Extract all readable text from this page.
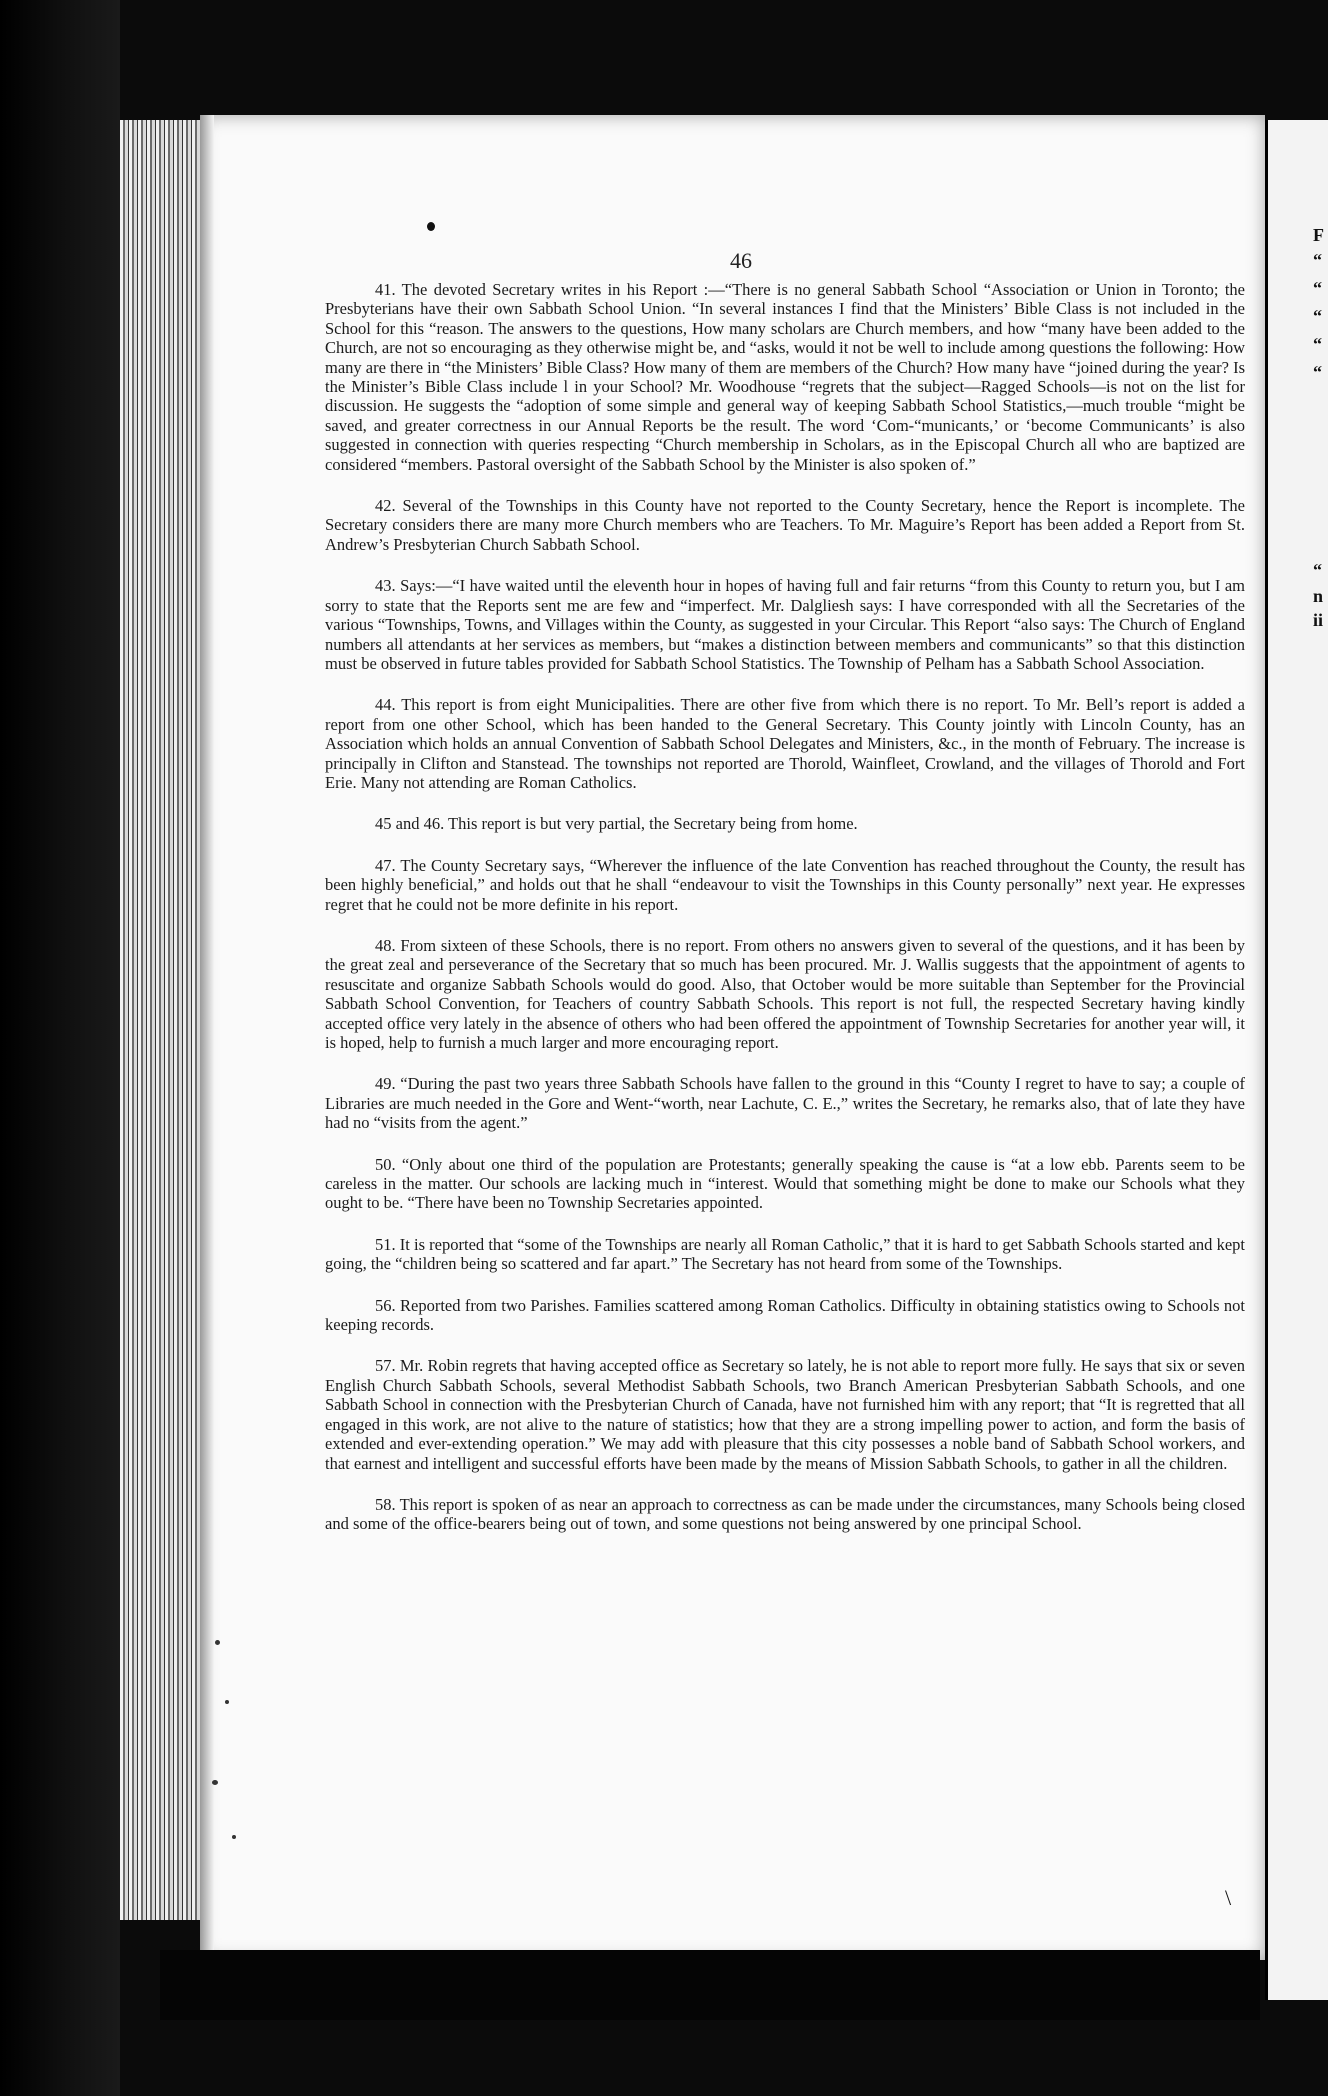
F
“
“
“
“
“
“
n
ii
46

41. The devoted Secretary writes in his Report :—“There is no general Sabbath School “Association or Union in Toronto; the Presbyterians have their own Sabbath School Union. “In several instances I find that the Ministers’ Bible Class is not included in the School for this “reason. The answers to the questions, How many scholars are Church members, and how “many have been added to the Church, are not so encouraging as they otherwise might be, and “asks, would it not be well to include among questions the following: How many are there in “the Ministers’ Bible Class? How many of them are members of the Church? How many have “joined during the year? Is the Minister’s Bible Class include l in your School? Mr. Woodhouse “regrets that the subject—Ragged Schools—is not on the list for discussion. He suggests the “adoption of some simple and general way of keeping Sabbath School Statistics,—much trouble “might be saved, and greater correctness in our Annual Reports be the result. The word ‘Com-“municants,’ or ‘become Communicants’ is also suggested in connection with queries respecting “Church membership in Scholars, as in the Episcopal Church all who are baptized are considered “members. Pastoral oversight of the Sabbath School by the Minister is also spoken of.”

42. Several of the Townships in this County have not reported to the County Secretary, hence the Report is incomplete. The Secretary considers there are many more Church members who are Teachers. To Mr. Maguire’s Report has been added a Report from St. Andrew’s Presbyterian Church Sabbath School.

43. Says:—“I have waited until the eleventh hour in hopes of having full and fair returns “from this County to return you, but I am sorry to state that the Reports sent me are few and “imperfect. Mr. Dalgliesh says: I have corresponded with all the Secretaries of the various “Townships, Towns, and Villages within the County, as suggested in your Circular. This Report “also says: The Church of England numbers all attendants at her services as members, but “makes a distinction between members and communicants” so that this distinction must be observed in future tables provided for Sabbath School Statistics. The Township of Pelham has a Sabbath School Association.

44. This report is from eight Municipalities. There are other five from which there is no report. To Mr. Bell’s report is added a report from one other School, which has been handed to the General Secretary. This County jointly with Lincoln County, has an Association which holds an annual Convention of Sabbath School Delegates and Ministers, &c., in the month of February. The increase is principally in Clifton and Stanstead. The townships not reported are Thorold, Wainfleet, Crowland, and the villages of Thorold and Fort Erie. Many not attending are Roman Catholics.

45 and 46. This report is but very partial, the Secretary being from home.

47. The County Secretary says, “Wherever the influence of the late Convention has reached throughout the County, the result has been highly beneficial,” and holds out that he shall “endeavour to visit the Townships in this County personally” next year. He expresses regret that he could not be more definite in his report.

48. From sixteen of these Schools, there is no report. From others no answers given to several of the questions, and it has been by the great zeal and perseverance of the Secretary that so much has been procured. Mr. J. Wallis suggests that the appointment of agents to resuscitate and organize Sabbath Schools would do good. Also, that October would be more suitable than September for the Provincial Sabbath School Convention, for Teachers of country Sabbath Schools. This report is not full, the respected Secretary having kindly accepted office very lately in the absence of others who had been offered the appointment of Township Secretaries for another year will, it is hoped, help to furnish a much larger and more encouraging report.

49. “During the past two years three Sabbath Schools have fallen to the ground in this “County I regret to have to say; a couple of Libraries are much needed in the Gore and Went-“worth, near Lachute, C. E.,” writes the Secretary, he remarks also, that of late they have had no “visits from the agent.”

50. “Only about one third of the population are Protestants; generally speaking the cause is “at a low ebb. Parents seem to be careless in the matter. Our schools are lacking much in “interest. Would that something might be done to make our Schools what they ought to be. “There have been no Township Secretaries appointed.

51. It is reported that “some of the Townships are nearly all Roman Catholic,” that it is hard to get Sabbath Schools started and kept going, the “children being so scattered and far apart.” The Secretary has not heard from some of the Townships.

56. Reported from two Parishes. Families scattered among Roman Catholics. Difficulty in obtaining statistics owing to Schools not keeping records.

57. Mr. Robin regrets that having accepted office as Secretary so lately, he is not able to report more fully. He says that six or seven English Church Sabbath Schools, several Methodist Sabbath Schools, two Branch American Presbyterian Sabbath Schools, and one Sabbath School in connection with the Presbyterian Church of Canada, have not furnished him with any report; that “It is regretted that all engaged in this work, are not alive to the nature of statistics; how that they are a strong impelling power to action, and form the basis of extended and ever-extending operation.” We may add with pleasure that this city possesses a noble band of Sabbath School workers, and that earnest and intelligent and successful efforts have been made by the means of Mission Sabbath Schools, to gather in all the children.

58. This report is spoken of as near an approach to correctness as can be made under the circumstances, many Schools being closed and some of the office-bearers being out of town, and some questions not being answered by one principal School.

\
